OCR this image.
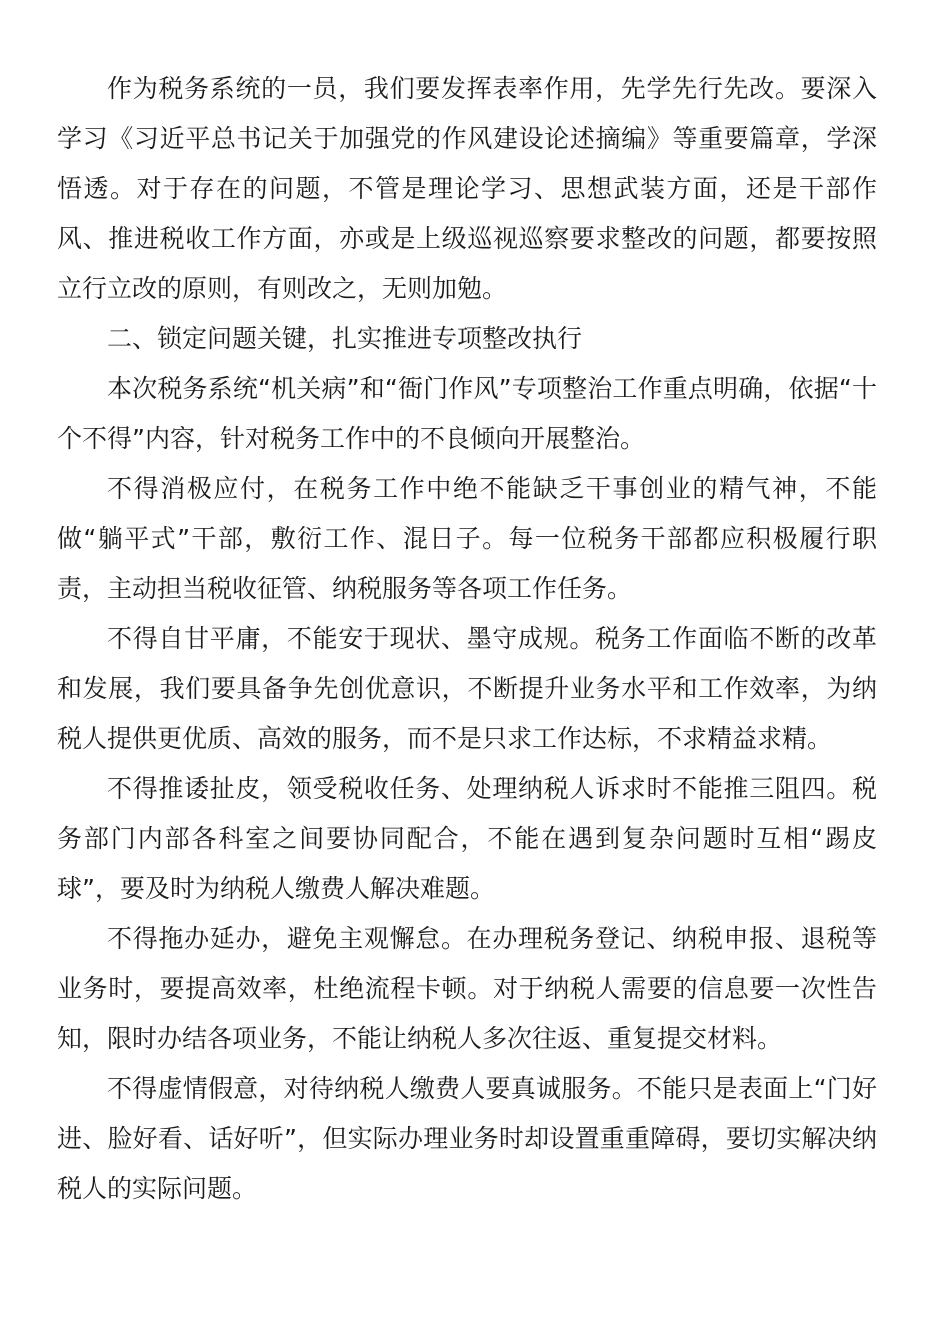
作为税务系统的一员，我们要发挥表率作用，先学先行先改。要深入学习《习近平总书记关于加强党的作风建设论述摘编》等重要篇章，学深悟透。对于存在的问题，不管是理论学习、思想武装方面，还是干部作风、推进税收工作方面，亦或是上级巡视巡察要求整改的问题，都要按照立行立改的原则，有则改之，无则加勉。

二、锁定问题关键，扎实推进专项整改执行

本次税务系统“机关病”和“衙门作风”专项整治工作重点明确，依据“十个不得”内容，针对税务工作中的不良倾向开展整治。

不得消极应付，在税务工作中绝不能缺乏干事创业的精气神，不能做“躺平式”干部，敷衍工作、混日子。每一位税务干部都应积极履行职责，主动担当税收征管、纳税服务等各项工作任务。

不得自甘平庸，不能安于现状、墨守成规。税务工作面临不断的改革和发展，我们要具备争先创优意识，不断提升业务水平和工作效率，为纳税人提供更优质、高效的服务，而不是只求工作达标，不求精益求精。

不得推诿扯皮，领受税收任务、处理纳税人诉求时不能推三阻四。税务部门内部各科室之间要协同配合，不能在遇到复杂问题时互相“踢皮球”，要及时为纳税人缴费人解决难题。

不得拖办延办，避免主观懈怠。在办理税务登记、纳税申报、退税等业务时，要提高效率，杜绝流程卡顿。对于纳税人需要的信息要一次性告知，限时办结各项业务，不能让纳税人多次往返、重复提交材料。

不得虚情假意，对待纳税人缴费人要真诚服务。不能只是表面上“门好进、脸好看、话好听”，但实际办理业务时却设置重重障碍，要切实解决纳税人的实际问题。
